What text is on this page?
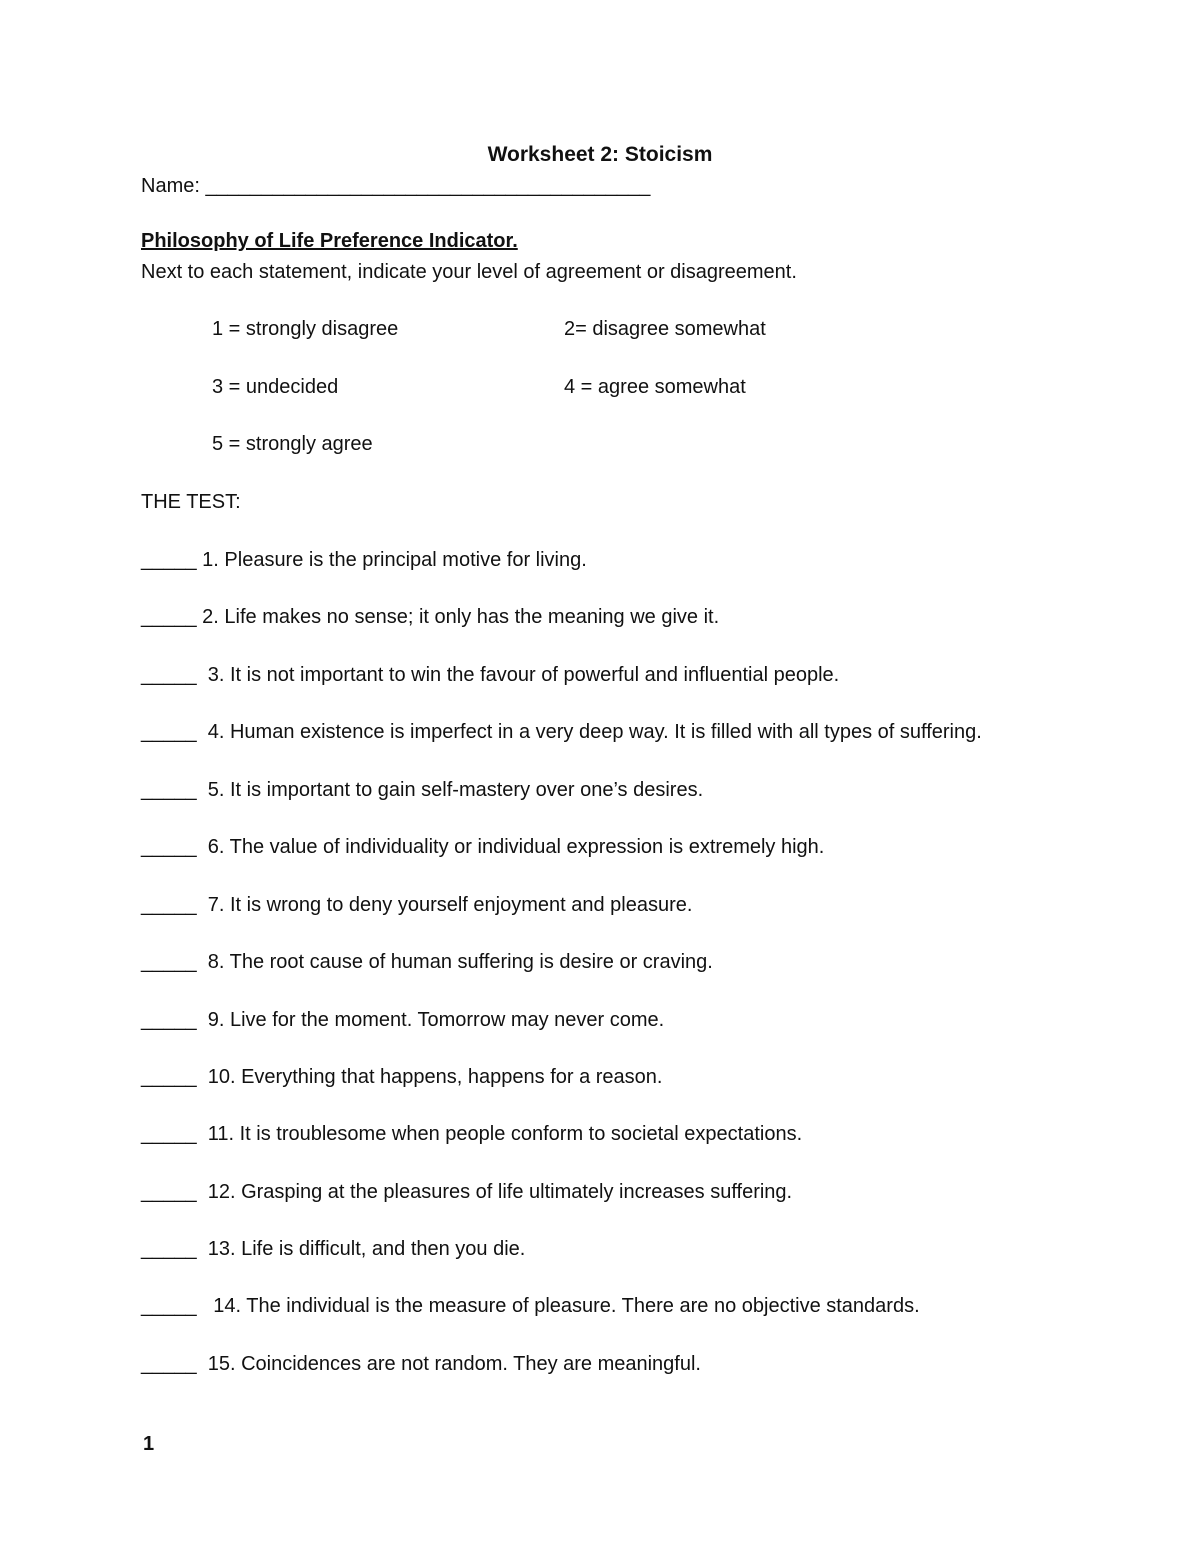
Worksheet 2: Stoicism
Name: ________________________________________
Philosophy of Life Preference Indicator.
Next to each statement, indicate your level of agreement or disagreement.
1 = strongly disagree	2= disagree somewhat
3 = undecided	4 = agree somewhat
5 = strongly agree
THE TEST:
_____ 1. Pleasure is the principal motive for living.
_____ 2. Life makes no sense; it only has the meaning we give it.
_____  3. It is not important to win the favour of powerful and influential people.
_____  4. Human existence is imperfect in a very deep way. It is filled with all types of suffering.
_____  5. It is important to gain self-mastery over one’s desires.
_____  6. The value of individuality or individual expression is extremely high.
_____  7. It is wrong to deny yourself enjoyment and pleasure.
_____  8. The root cause of human suffering is desire or craving.
_____  9. Live for the moment. Tomorrow may never come.
_____  10. Everything that happens, happens for a reason.
_____  11. It is troublesome when people conform to societal expectations.
_____  12. Grasping at the pleasures of life ultimately increases suffering.
_____  13. Life is difficult, and then you die.
_____   14. The individual is the measure of pleasure. There are no objective standards.
_____  15. Coincidences are not random. They are meaningful.
1
